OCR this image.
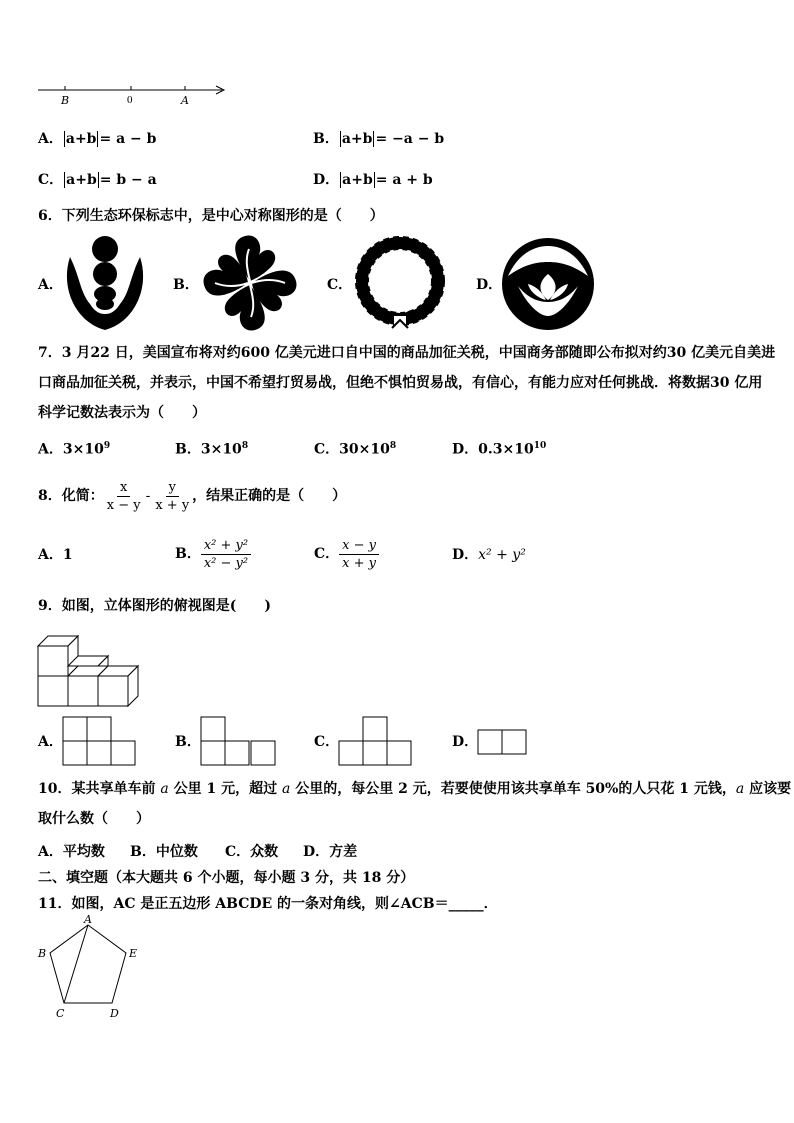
B	0	A
A． a+b = a − b	B． a+b = −a − b
C． a+b = b − a	D． a+b = a + b
6．下列生态环保标志中，是中心对称图形的是（　　）
A．	B．	C．	D．
7．3 月22 日，美国宣布将对约600 亿美元进口自中国的商品加征关税，中国商务部随即公布拟对约30 亿美元自美进
口商品加征关税，并表示，中国不希望打贸易战，但绝不惧怕贸易战，有信心，有能力应对任何挑战．将数据30 亿用
科学记数法表示为（　　）
A．$3\times 10^9$	B．$3\times 10^8$	C．$30\times 10^8$	D．$0.3\times 10^{10}$
8．化简： $\frac{x}{x - y} - \frac{y}{x + y}$ ，结果正确的是（　　）
A．1	B． $\frac{\text{x² + y²}}{\text{x² − y²}}$	C． $\frac{x - y}{x + y}$	D．x² + y²
9．如图，立体图形的俯视图是(　　)
A．	B．	C．	D．
10．某共享单车前 a 公里 1 元，超过 a 公里的，每公里 2 元，若要使使用该共享单车 50%的人只花 1 元钱，a 应该要
取什么数（　　）
A．平均数 B．中位数 C．众数 D．方差
二、填空题（本大题共 6 个小题，每小题 3 分，共 18 分）
11．如图，AC 是正五边形 ABCDE 的一条对角线，则∠ACB＝_____．
A
B
C	D
E
